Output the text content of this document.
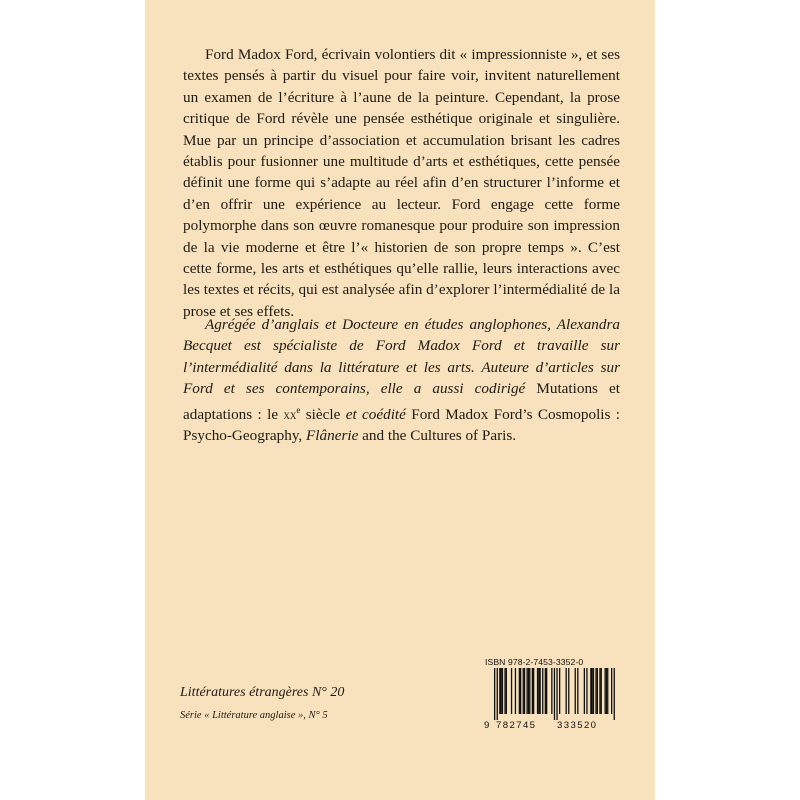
Ford Madox Ford, écrivain volontiers dit « impressionniste », et ses textes pensés à partir du visuel pour faire voir, invitent naturellement un examen de l’écriture à l’aune de la peinture. Cependant, la prose critique de Ford révèle une pensée esthétique originale et singulière. Mue par un principe d’association et accumulation brisant les cadres établis pour fusionner une multitude d’arts et esthétiques, cette pensée définit une forme qui s’adapte au réel afin d’en structurer l’informe et d’en offrir une expérience au lecteur. Ford engage cette forme polymorphe dans son œuvre romanesque pour produire son impression de la vie moderne et être l’« historien de son propre temps ». C’est cette forme, les arts et esthétiques qu’elle rallie, leurs interactions avec les textes et récits, qui est analysée afin d’explorer l’intermédialité de la prose et ses effets.

Agrégée d’anglais et Docteure en études anglophones, Alexandra Becquet est spécialiste de Ford Madox Ford et travaille sur l’intermédialité dans la littérature et les arts. Auteure d’articles sur Ford et ses contemporains, elle a aussi codirigé Mutations et adaptations : le $xx^e$ siècle et coédité Ford Madox Ford’s Cosmopolis : Psycho-Geography, Flânerie and the Cultures of Paris.

Littératures étrangères N° 20
Série « Littérature anglaise », N° 5
ISBN 978-2-7453-3352-0
9 782745	333520
